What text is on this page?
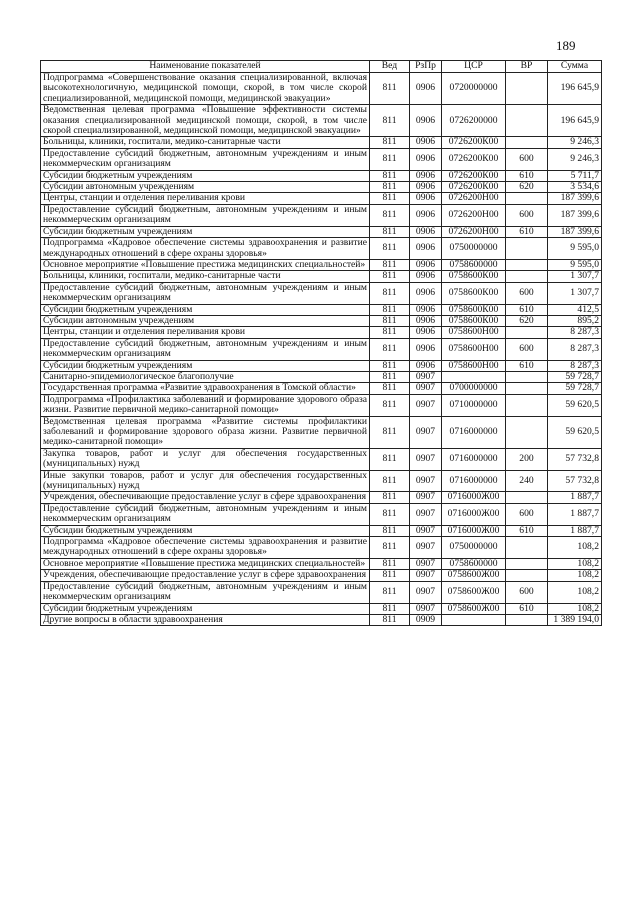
189
Наименование показателей	Вед	РзПр	ЦСР	ВР	Сумма
Подпрограмма «Совершенствование оказания специализированной, включая высокотехнологичную, медицинской помощи, скорой, в том числе скорой специализированной, медицинской помощи, медицинской эвакуации»	811	0906	0720000000		196 645,9
Ведомственная целевая программа «Повышение эффективности системы оказания специализированной медицинской помощи, скорой, в том числе скорой специализированной, медицинской помощи, медицинской эвакуации»	811	0906	0726200000		196 645,9
Больницы, клиники, госпитали, медико-санитарные части	811	0906	0726200К00		9 246,3
Предоставление субсидий бюджетным, автономным учреждениям и иным некоммерческим организациям	811	0906	0726200К00	600	9 246,3
Субсидии бюджетным учреждениям	811	0906	0726200К00	610	5 711,7
Субсидии автономным учреждениям	811	0906	0726200К00	620	3 534,6
Центры, станции и отделения переливания крови	811	0906	0726200Н00		187 399,6
Предоставление субсидий бюджетным, автономным учреждениям и иным некоммерческим организациям	811	0906	0726200Н00	600	187 399,6
Субсидии бюджетным учреждениям	811	0906	0726200Н00	610	187 399,6
Подпрограмма «Кадровое обеспечение системы здравоохранения и развитие международных отношений в сфере охраны здоровья»	811	0906	0750000000		9 595,0
Основное мероприятие «Повышение престижа медицинских специальностей»	811	0906	0758600000		9 595,0
Больницы, клиники, госпитали, медико-санитарные части	811	0906	0758600К00		1 307,7
Предоставление субсидий бюджетным, автономным учреждениям и иным некоммерческим организациям	811	0906	0758600К00	600	1 307,7
Субсидии бюджетным учреждениям	811	0906	0758600К00	610	412,5
Субсидии автономным учреждениям	811	0906	0758600К00	620	895,2
Центры, станции и отделения переливания крови	811	0906	0758600Н00		8 287,3
Предоставление субсидий бюджетным, автономным учреждениям и иным некоммерческим организациям	811	0906	0758600Н00	600	8 287,3
Субсидии бюджетным учреждениям	811	0906	0758600Н00	610	8 287,3
Санитарно-эпидемиологическое благополучие	811	0907			59 728,7
Государственная программа «Развитие здравоохранения в Томской области»	811	0907	0700000000		59 728,7
Подпрограмма «Профилактика заболеваний и формирование здорового образа жизни. Развитие первичной медико-санитарной помощи»	811	0907	0710000000		59 620,5
Ведомственная целевая программа «Развитие системы профилактики заболеваний и формирование здорового образа жизни. Развитие первичной медико-санитарной помощи»	811	0907	0716000000		59 620,5
Закупка товаров, работ и услуг для обеспечения государственных (муниципальных) нужд	811	0907	0716000000	200	57 732,8
Иные закупки товаров, работ и услуг для обеспечения государственных (муниципальных) нужд	811	0907	0716000000	240	57 732,8
Учреждения, обеспечивающие предоставление услуг в сфере здравоохранения	811	0907	0716000Ж00		1 887,7
Предоставление субсидий бюджетным, автономным учреждениям и иным некоммерческим организациям	811	0907	0716000Ж00	600	1 887,7
Субсидии бюджетным учреждениям	811	0907	0716000Ж00	610	1 887,7
Подпрограмма «Кадровое обеспечение системы здравоохранения и развитие международных отношений в сфере охраны здоровья»	811	0907	0750000000		108,2
Основное мероприятие «Повышение престижа медицинских специальностей»	811	0907	0758600000		108,2
Учреждения, обеспечивающие предоставление услуг в сфере здравоохранения	811	0907	0758600Ж00		108,2
Предоставление субсидий бюджетным, автономным учреждениям и иным некоммерческим организациям	811	0907	0758600Ж00	600	108,2
Субсидии бюджетным учреждениям	811	0907	0758600Ж00	610	108,2
Другие вопросы в области здравоохранения	811	0909			1 389 194,0
